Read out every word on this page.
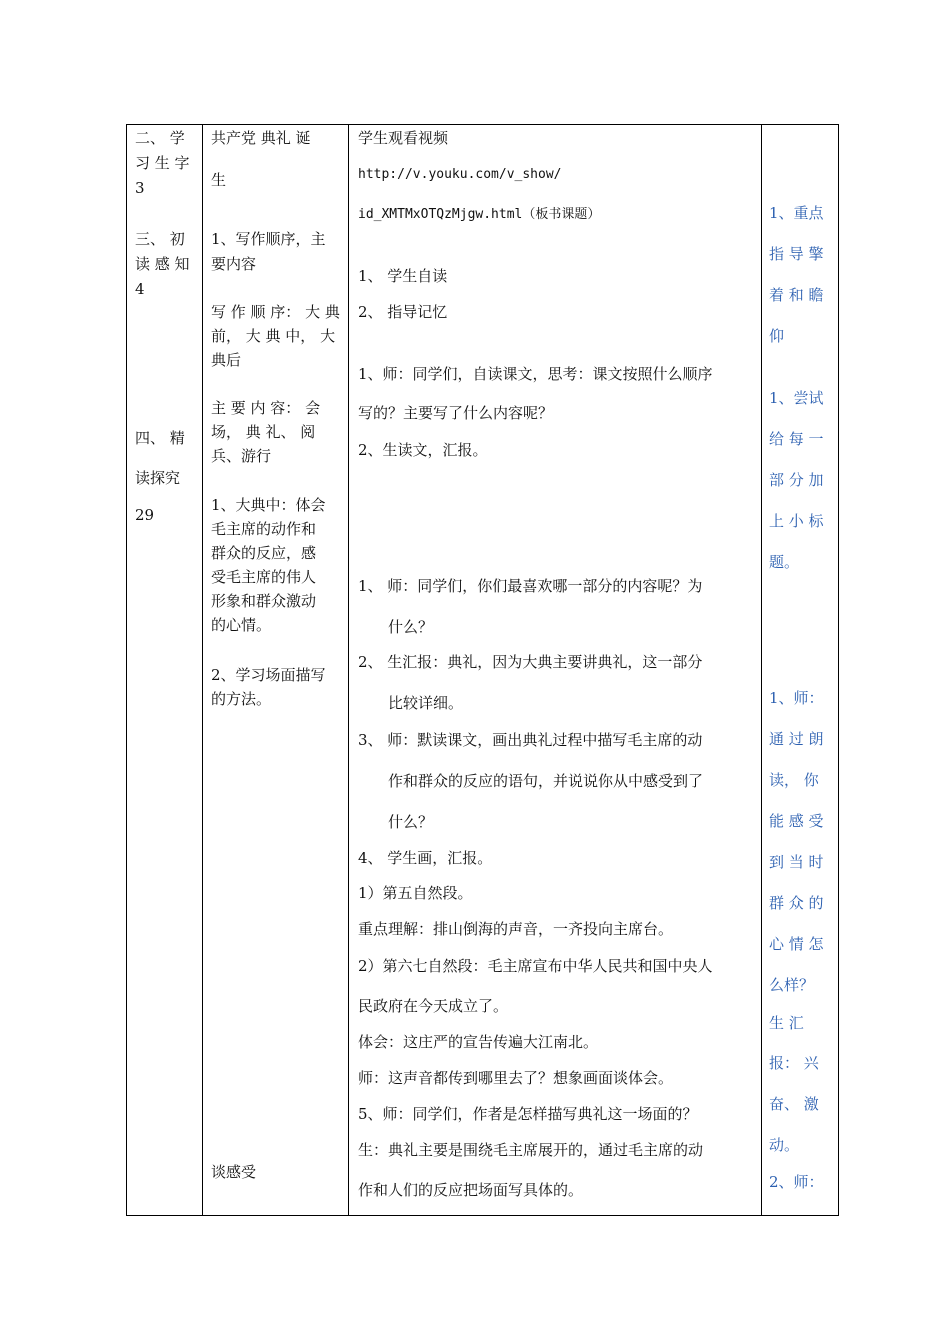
二、 学
习 生 字
3
三、 初
读 感 知
4
四、 精
读探究
29
共产党 典礼 诞
生
1、写作顺序，主
要内容
写 作 顺 序： 大 典
前， 大 典 中， 大
典后
主 要 内 容： 会
场， 典 礼、 阅
兵、游行
1、大典中：体会
毛主席的动作和
群众的反应，感
受毛主席的伟人
形象和群众激动
的心情。
2、学习场面描写
的方法。
谈感受
学生观看视频
http://v.youku.com/v_show/
id_XMTMxOTQzMjgw.html（板书课题）
1、 学生自读
2、 指导记忆
1、师：同学们，自读课文，思考：课文按照什么顺序
写的？主要写了什么内容呢？
2、生读文，汇报。
1、 师：同学们，你们最喜欢哪一部分的内容呢？为
什么？
2、 生汇报：典礼，因为大典主要讲典礼，这一部分
比较详细。
3、 师：默读课文，画出典礼过程中描写毛主席的动
作和群众的反应的语句，并说说你从中感受到了
什么？
4、 学生画，汇报。
1）第五自然段。
重点理解：排山倒海的声音，一齐投向主席台。
2）第六七自然段：毛主席宣布中华人民共和国中央人
民政府在今天成立了。
体会：这庄严的宣告传遍大江南北。
师：这声音都传到哪里去了？想象画面谈体会。
5、师：同学们，作者是怎样描写典礼这一场面的？
生：典礼主要是围绕毛主席展开的，通过毛主席的动
作和人们的反应把场面写具体的。
1、重点
指 导 擎
着 和 瞻
仰
1、尝试
给 每 一
部 分 加
上 小 标
题。
1、师：
通 过 朗
读， 你
能 感 受
到 当 时
群 众 的
心 情 怎
么样？
生 汇
报： 兴
奋、 激
动。
2、师：
